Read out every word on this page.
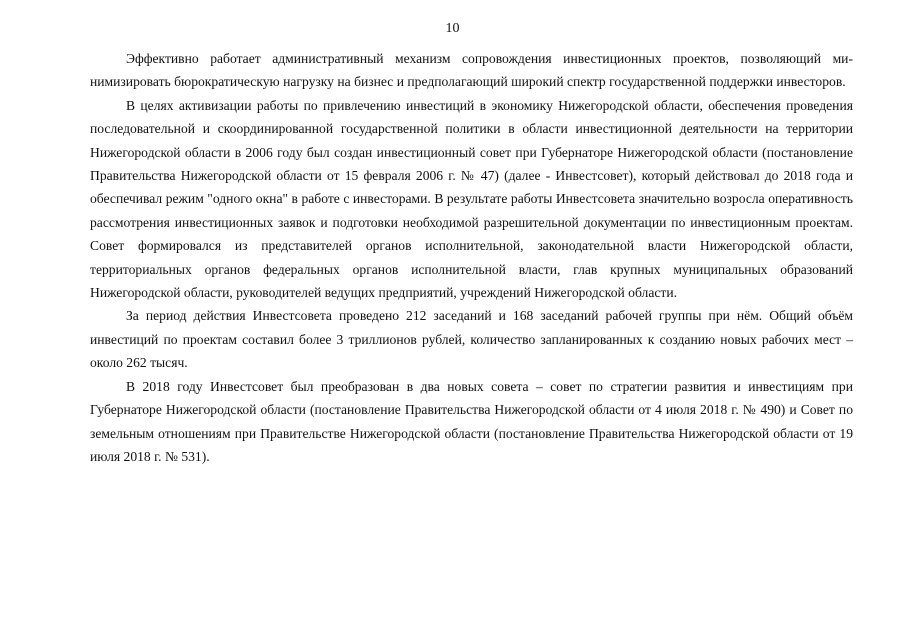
10

Эффективно работает административный механизм сопровождения инвестиционных проектов, позволяющий минимизировать бюрократическую нагрузку на бизнес и предполагающий широкий спектр государственной поддержки инвесторов.

В целях активизации работы по привлечению инвестиций в экономику Нижегородской области, обеспечения проведения последовательной и скоординированной государственной политики в области инвестиционной деятельности на территории Нижегородской области в 2006 году был создан инвестиционный совет при Губернаторе Нижегородской области (постановление Правительства Нижегородской области от 15 февраля 2006 г. № 47) (далее - Инвестсовет), который действовал до 2018 года и обеспечивал режим "одного окна" в работе с инвесторами. В результате работы Инвестсовета значительно возросла оперативность рассмотрения инвестиционных заявок и подготовки необходимой разрешительной документации по инвестиционным проектам. Совет формировался из представителей органов исполнительной, законодательной власти Нижегородской области, территориальных органов федеральных органов исполнительной власти, глав крупных муниципальных образований Нижегородской области, руководителей ведущих предприятий, учреждений Нижегородской области.

За период действия Инвестсовета проведено 212 заседаний и 168 заседаний рабочей группы при нём. Общий объём инвестиций по проектам составил более 3 триллионов рублей, количество запланированных к созданию новых рабочих мест – около 262 тысяч.

В 2018 году Инвестсовет был преобразован в два новых совета – совет по стратегии развития и инвестициям при Губернаторе Нижегородской области (постановление Правительства Нижегородской области от 4 июля 2018 г. № 490) и Совет по земельным отношениям при Правительстве Нижегородской области (постановление Правительства Нижегородской области от 19 июля 2018 г. № 531).
